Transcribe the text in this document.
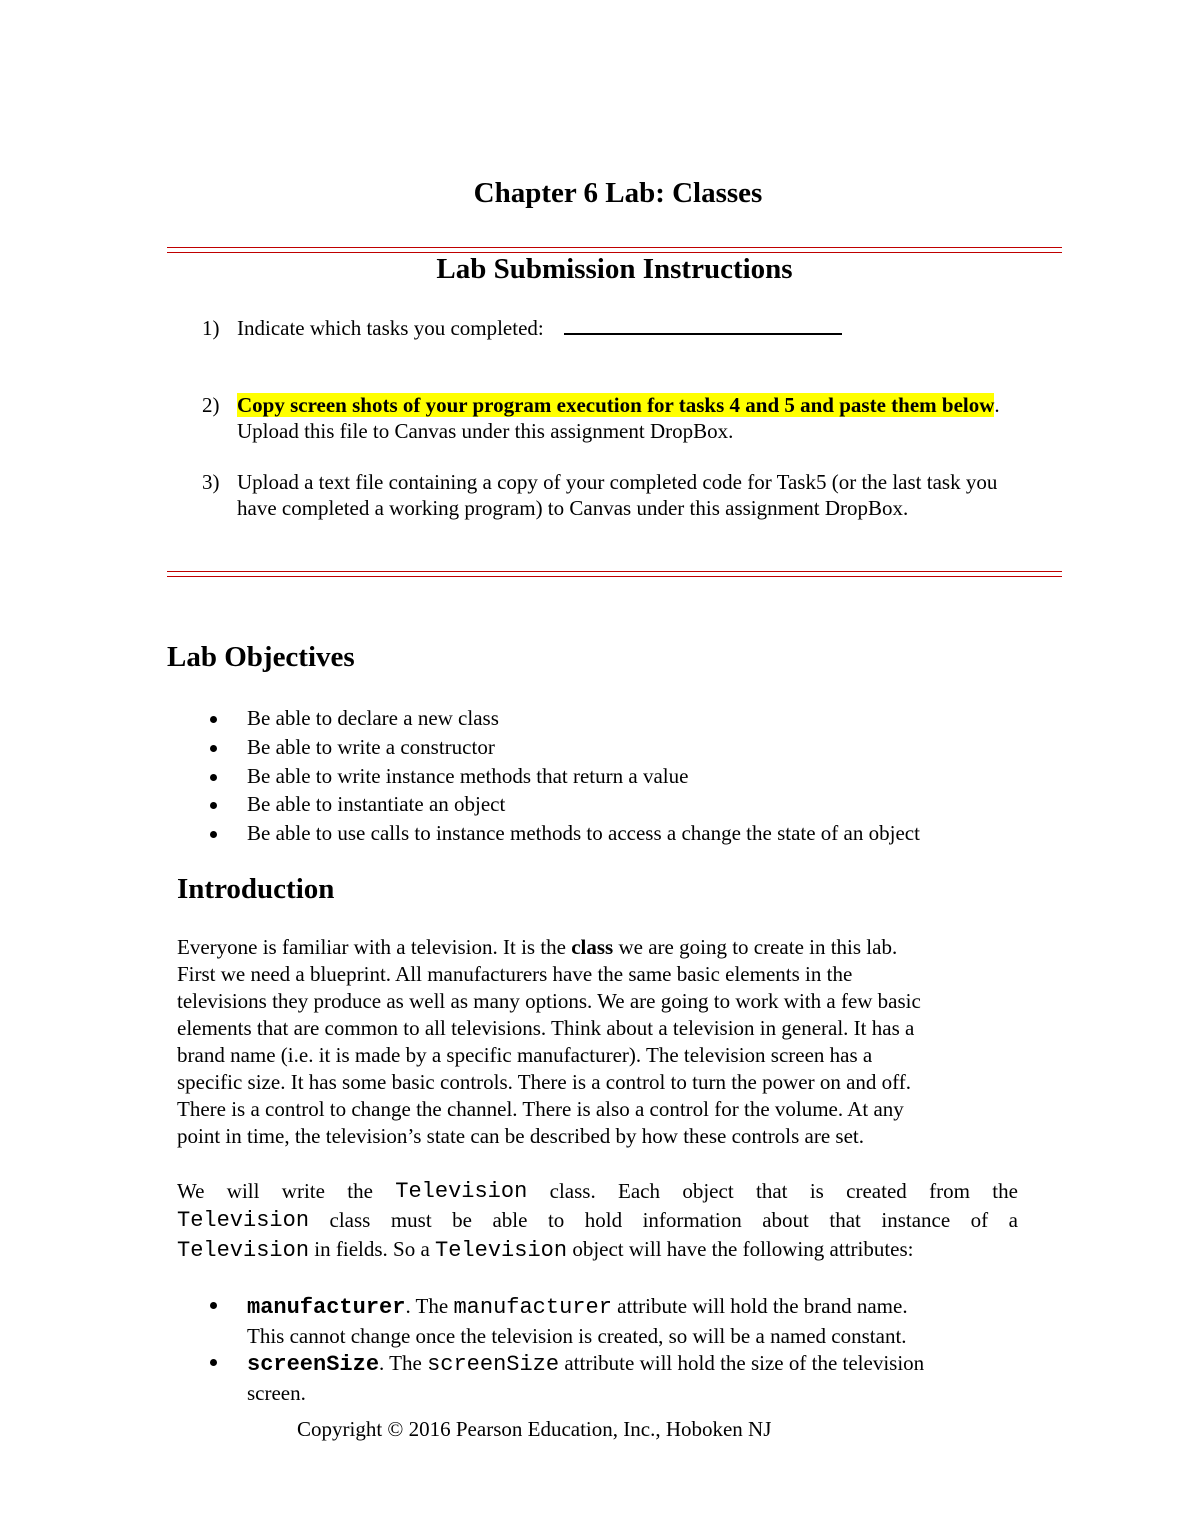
Chapter 6 Lab: Classes
Lab Submission Instructions
1) Indicate which tasks you completed:
2) Copy screen shots of your program execution for tasks 4 and 5 and paste them below.
Upload this file to Canvas under this assignment DropBox.
3) Upload a text file containing a copy of your completed code for Task5 (or the last task you
have completed a working program) to Canvas under this assignment DropBox.
Lab Objectives
Be able to declare a new class
Be able to write a constructor
Be able to write instance methods that return a value
Be able to instantiate an object
Be able to use calls to instance methods to access a change the state of an object
Introduction
Everyone is familiar with a television. It is the class we are going to create in this lab.
First we need a blueprint. All manufacturers have the same basic elements in the
televisions they produce as well as many options. We are going to work with a few basic
elements that are common to all televisions. Think about a television in general. It has a
brand name (i.e. it is made by a specific manufacturer). The television screen has a
specific size. It has some basic controls. There is a control to turn the power on and off.
There is a control to change the channel. There is also a control for the volume. At any
point in time, the television’s state can be described by how these controls are set.
We will write the Television class. Each object that is created from the
Television class must be able to hold information about that instance of a
Television in fields. So a Television object will have the following attributes:
manufacturer. The manufacturer attribute will hold the brand name.
This cannot change once the television is created, so will be a named constant.
screenSize. The screenSize attribute will hold the size of the television
screen.
Copyright © 2016 Pearson Education, Inc., Hoboken NJ
